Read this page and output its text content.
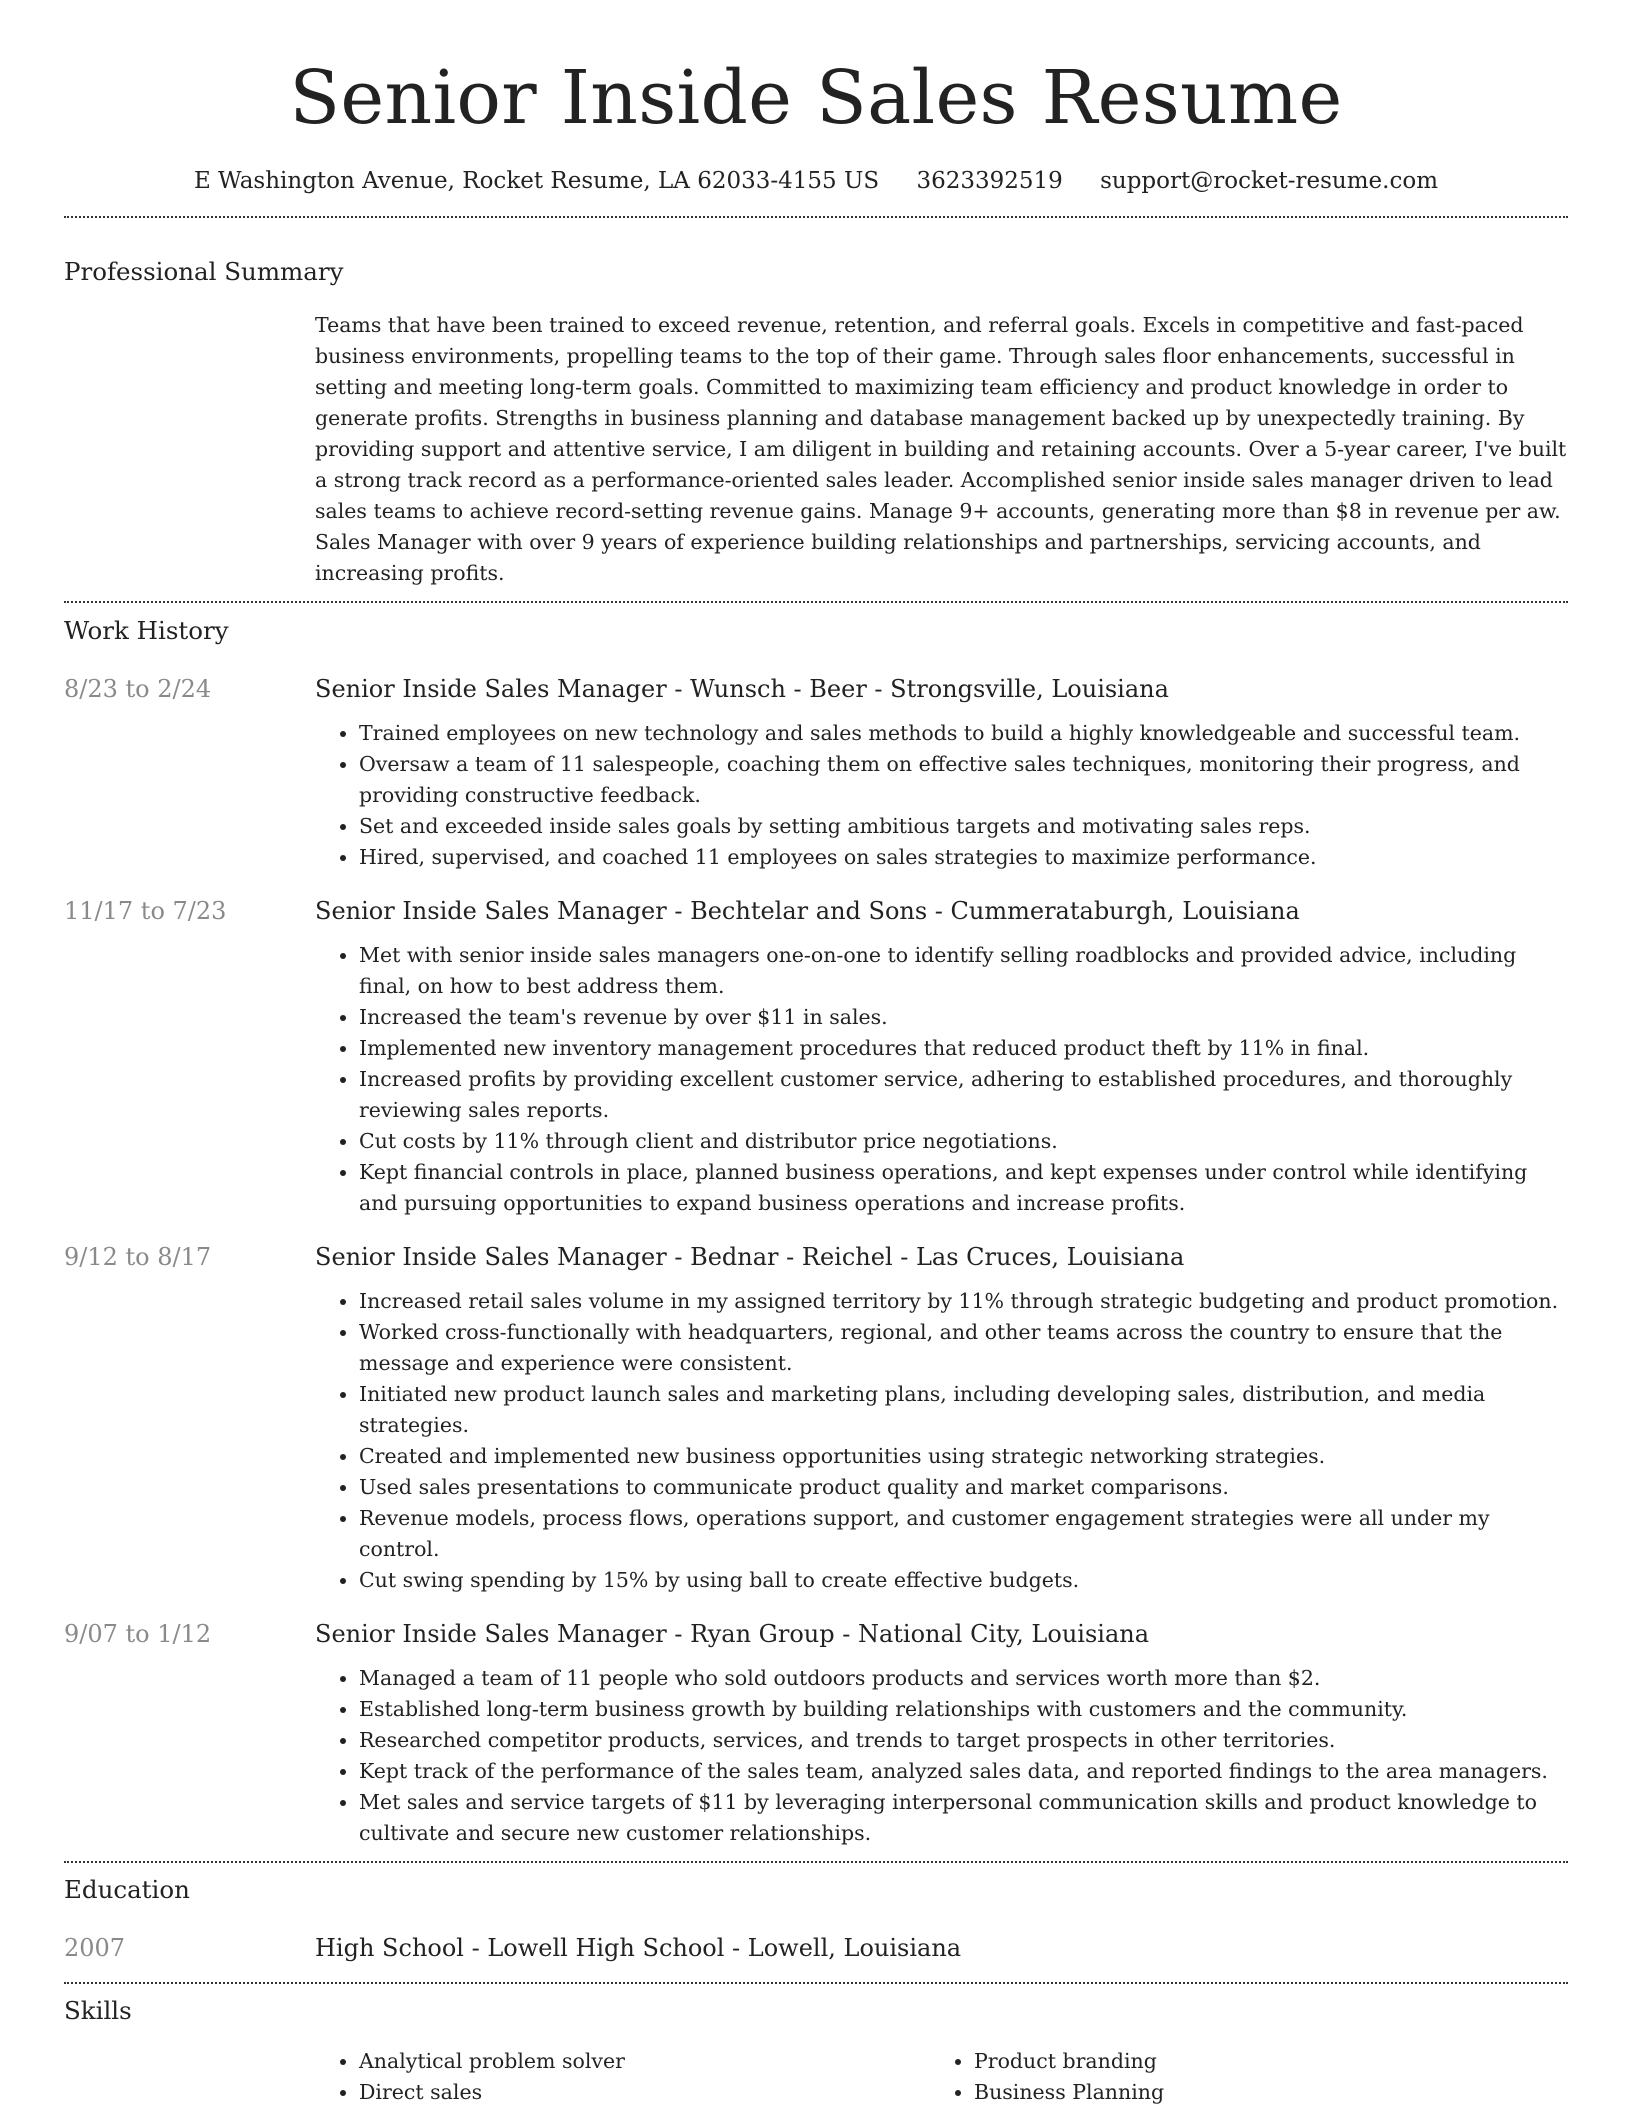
Senior Inside Sales Resume
E Washington Avenue, Rocket Resume, LA 62033-4155 US 3623392519 support@rocket-resume.com
Professional Summary

Teams that have been trained to exceed revenue, retention, and referral goals. Excels in competitive and fast-paced business environments, propelling teams to the top of their game. Through sales floor enhancements, successful in setting and meeting long-term goals. Committed to maximizing team efficiency and product knowledge in order to generate profits. Strengths in business planning and database management backed up by unexpectedly training. By providing support and attentive service, I am diligent in building and retaining accounts. Over a 5-year career, I've built a strong track record as a performance-oriented sales leader. Accomplished senior inside sales manager driven to lead sales teams to achieve record-setting revenue gains. Manage 9+ accounts, generating more than $8 in revenue per aw. Sales Manager with over 9 years of experience building relationships and partnerships, servicing accounts, and increasing profits.

Work History
8/23 to 2/24	Senior Inside Sales Manager - Wunsch - Beer - Strongsville, Louisiana
• Trained employees on new technology and sales methods to build a highly knowledgeable and successful team.
• Oversaw a team of 11 salespeople, coaching them on effective sales techniques, monitoring their progress, and providing constructive feedback.
• Set and exceeded inside sales goals by setting ambitious targets and motivating sales reps.
• Hired, supervised, and coached 11 employees on sales strategies to maximize performance.
11/17 to 7/23	Senior Inside Sales Manager - Bechtelar and Sons - Cummerataburgh, Louisiana
• Met with senior inside sales managers one-on-one to identify selling roadblocks and provided advice, including final, on how to best address them.
• Increased the team's revenue by over $11 in sales.
• Implemented new inventory management procedures that reduced product theft by 11% in final.
• Increased profits by providing excellent customer service, adhering to established procedures, and thoroughly reviewing sales reports.
• Cut costs by 11% through client and distributor price negotiations.
• Kept financial controls in place, planned business operations, and kept expenses under control while identifying and pursuing opportunities to expand business operations and increase profits.
9/12 to 8/17	Senior Inside Sales Manager - Bednar - Reichel - Las Cruces, Louisiana
• Increased retail sales volume in my assigned territory by 11% through strategic budgeting and product promotion.
• Worked cross-functionally with headquarters, regional, and other teams across the country to ensure that the message and experience were consistent.
• Initiated new product launch sales and marketing plans, including developing sales, distribution, and media strategies.
• Created and implemented new business opportunities using strategic networking strategies.
• Used sales presentations to communicate product quality and market comparisons.
• Revenue models, process flows, operations support, and customer engagement strategies were all under my control.
• Cut swing spending by 15% by using ball to create effective budgets.
9/07 to 1/12	Senior Inside Sales Manager - Ryan Group - National City, Louisiana
• Managed a team of 11 people who sold outdoors products and services worth more than $2.
• Established long-term business growth by building relationships with customers and the community.
• Researched competitor products, services, and trends to target prospects in other territories.
• Kept track of the performance of the sales team, analyzed sales data, and reported findings to the area managers.
• Met sales and service targets of $11 by leveraging interpersonal communication skills and product knowledge to cultivate and secure new customer relationships.
Education
2007	High School - Lowell High School - Lowell, Louisiana
Skills
• Analytical problem solver
• Direct sales
• Product branding
• Business Planning
